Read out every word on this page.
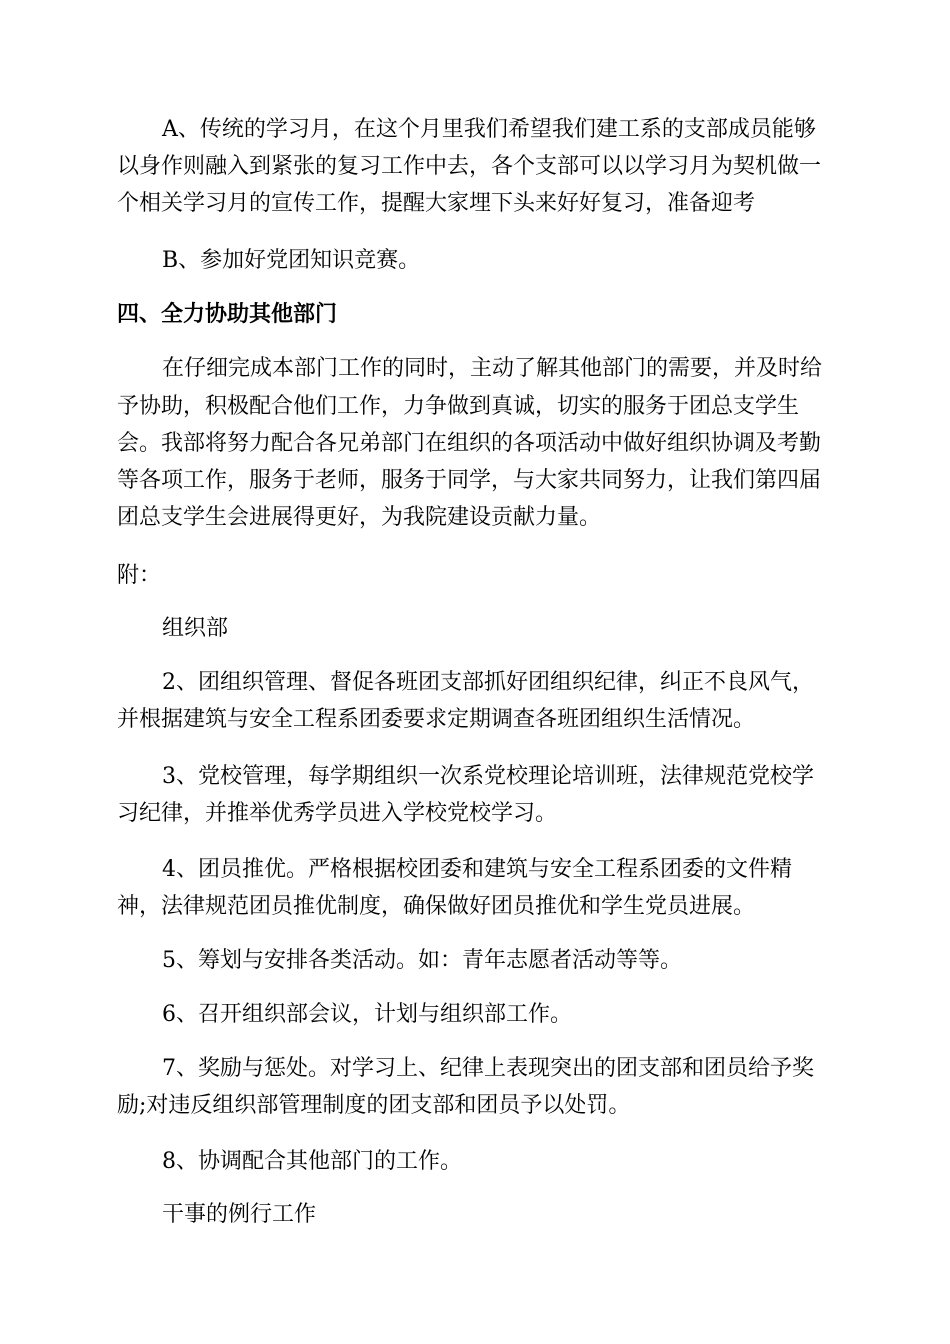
A、传统的学习月，在这个月里我们希望我们建工系的支部成员能够
以身作则融入到紧张的复习工作中去，各个支部可以以学习月为契机做一
个相关学习月的宣传工作，提醒大家埋下头来好好复习，准备迎考
B、参加好党团知识竞赛。
四、全力协助其他部门
在仔细完成本部门工作的同时，主动了解其他部门的需要，并及时给
予协助，积极配合他们工作，力争做到真诚，切实的服务于团总支学生
会。我部将努力配合各兄弟部门在组织的各项活动中做好组织协调及考勤
等各项工作，服务于老师，服务于同学，与大家共同努力，让我们第四届
团总支学生会进展得更好，为我院建设贡献力量。
附：
组织部
2、团组织管理、督促各班团支部抓好团组织纪律，纠正不良风气，
并根据建筑与安全工程系团委要求定期调查各班团组织生活情况。
3、党校管理，每学期组织一次系党校理论培训班，法律规范党校学
习纪律，并推举优秀学员进入学校党校学习。
4、团员推优。严格根据校团委和建筑与安全工程系团委的文件精
神，法律规范团员推优制度，确保做好团员推优和学生党员进展。
5、筹划与安排各类活动。如：青年志愿者活动等等。
6、召开组织部会议，计划与组织部工作。
7、奖励与惩处。对学习上、纪律上表现突出的团支部和团员给予奖
励;对违反组织部管理制度的团支部和团员予以处罚。
8、协调配合其他部门的工作。
干事的例行工作
